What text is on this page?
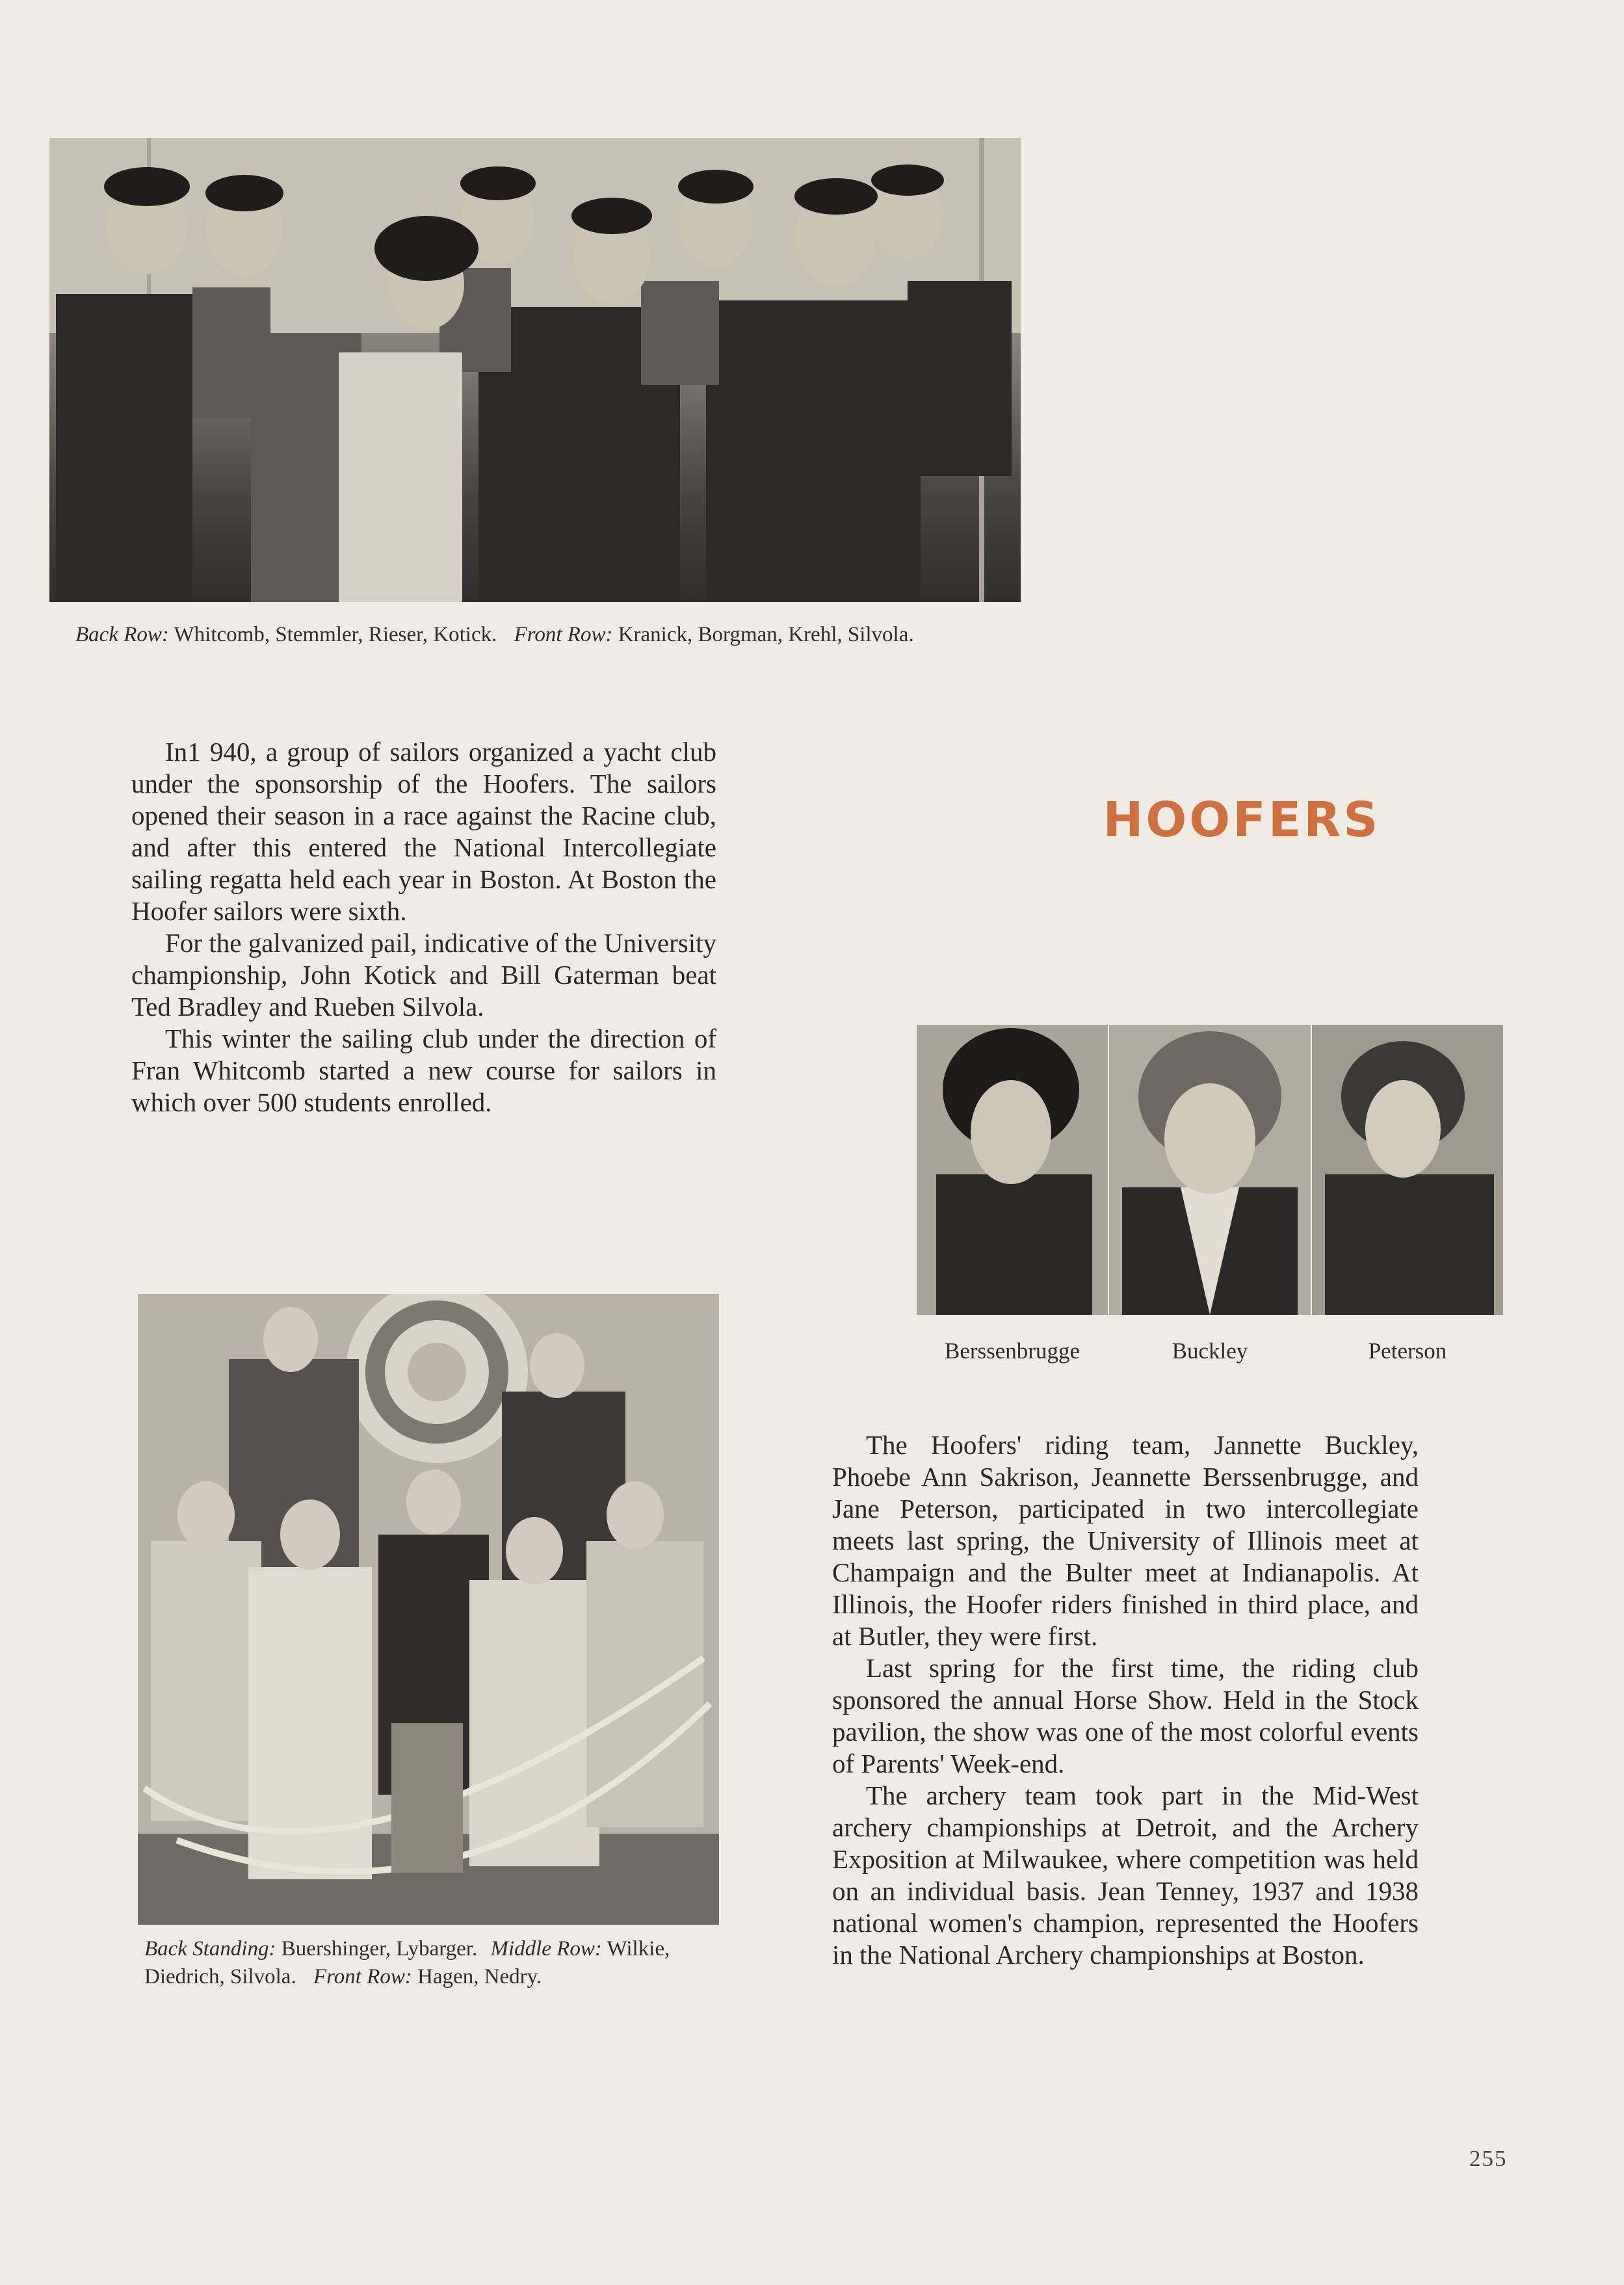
Back Row: Whitcomb, Stemmler, Rieser, Kotick. Front Row: Kranick, Borgman, Krehl, Silvola.

In1 940, a group of sailors organized a yacht club under the sponsorship of the Hoofers. The sailors opened their season in a race against the Racine club, and after this entered the National Intercollegiate sailing regatta held each year in Boston. At Boston the Hoofer sailors were sixth.

For the galvanized pail, indicative of the University championship, John Kotick and Bill Gaterman beat Ted Bradley and Rueben Silvola.

This winter the sailing club under the direction of Fran Whitcomb started a new course for sailors in which over 500 students enrolled.

HOOFERS
Berssenbrugge	Buckley	Peterson
Back Standing: Buershinger, Lybarger. Middle Row: Wilkie, Diedrich, Silvola. Front Row: Hagen, Nedry.

The Hoofers' riding team, Jannette Buckley, Phoebe Ann Sakrison, Jeannette Berssenbrugge, and Jane Peterson, participated in two intercollegiate meets last spring, the University of Illinois meet at Champaign and the Bulter meet at Indianapolis. At Illinois, the Hoofer riders finished in third place, and at Butler, they were first.

Last spring for the first time, the riding club sponsored the annual Horse Show. Held in the Stock pavilion, the show was one of the most colorful events of Parents' Week-end.

The archery team took part in the Mid-West archery championships at Detroit, and the Archery Exposition at Milwaukee, where competition was held on an individual basis. Jean Tenney, 1937 and 1938 national women's champion, represented the Hoofers in the National Archery championships at Boston.

255
